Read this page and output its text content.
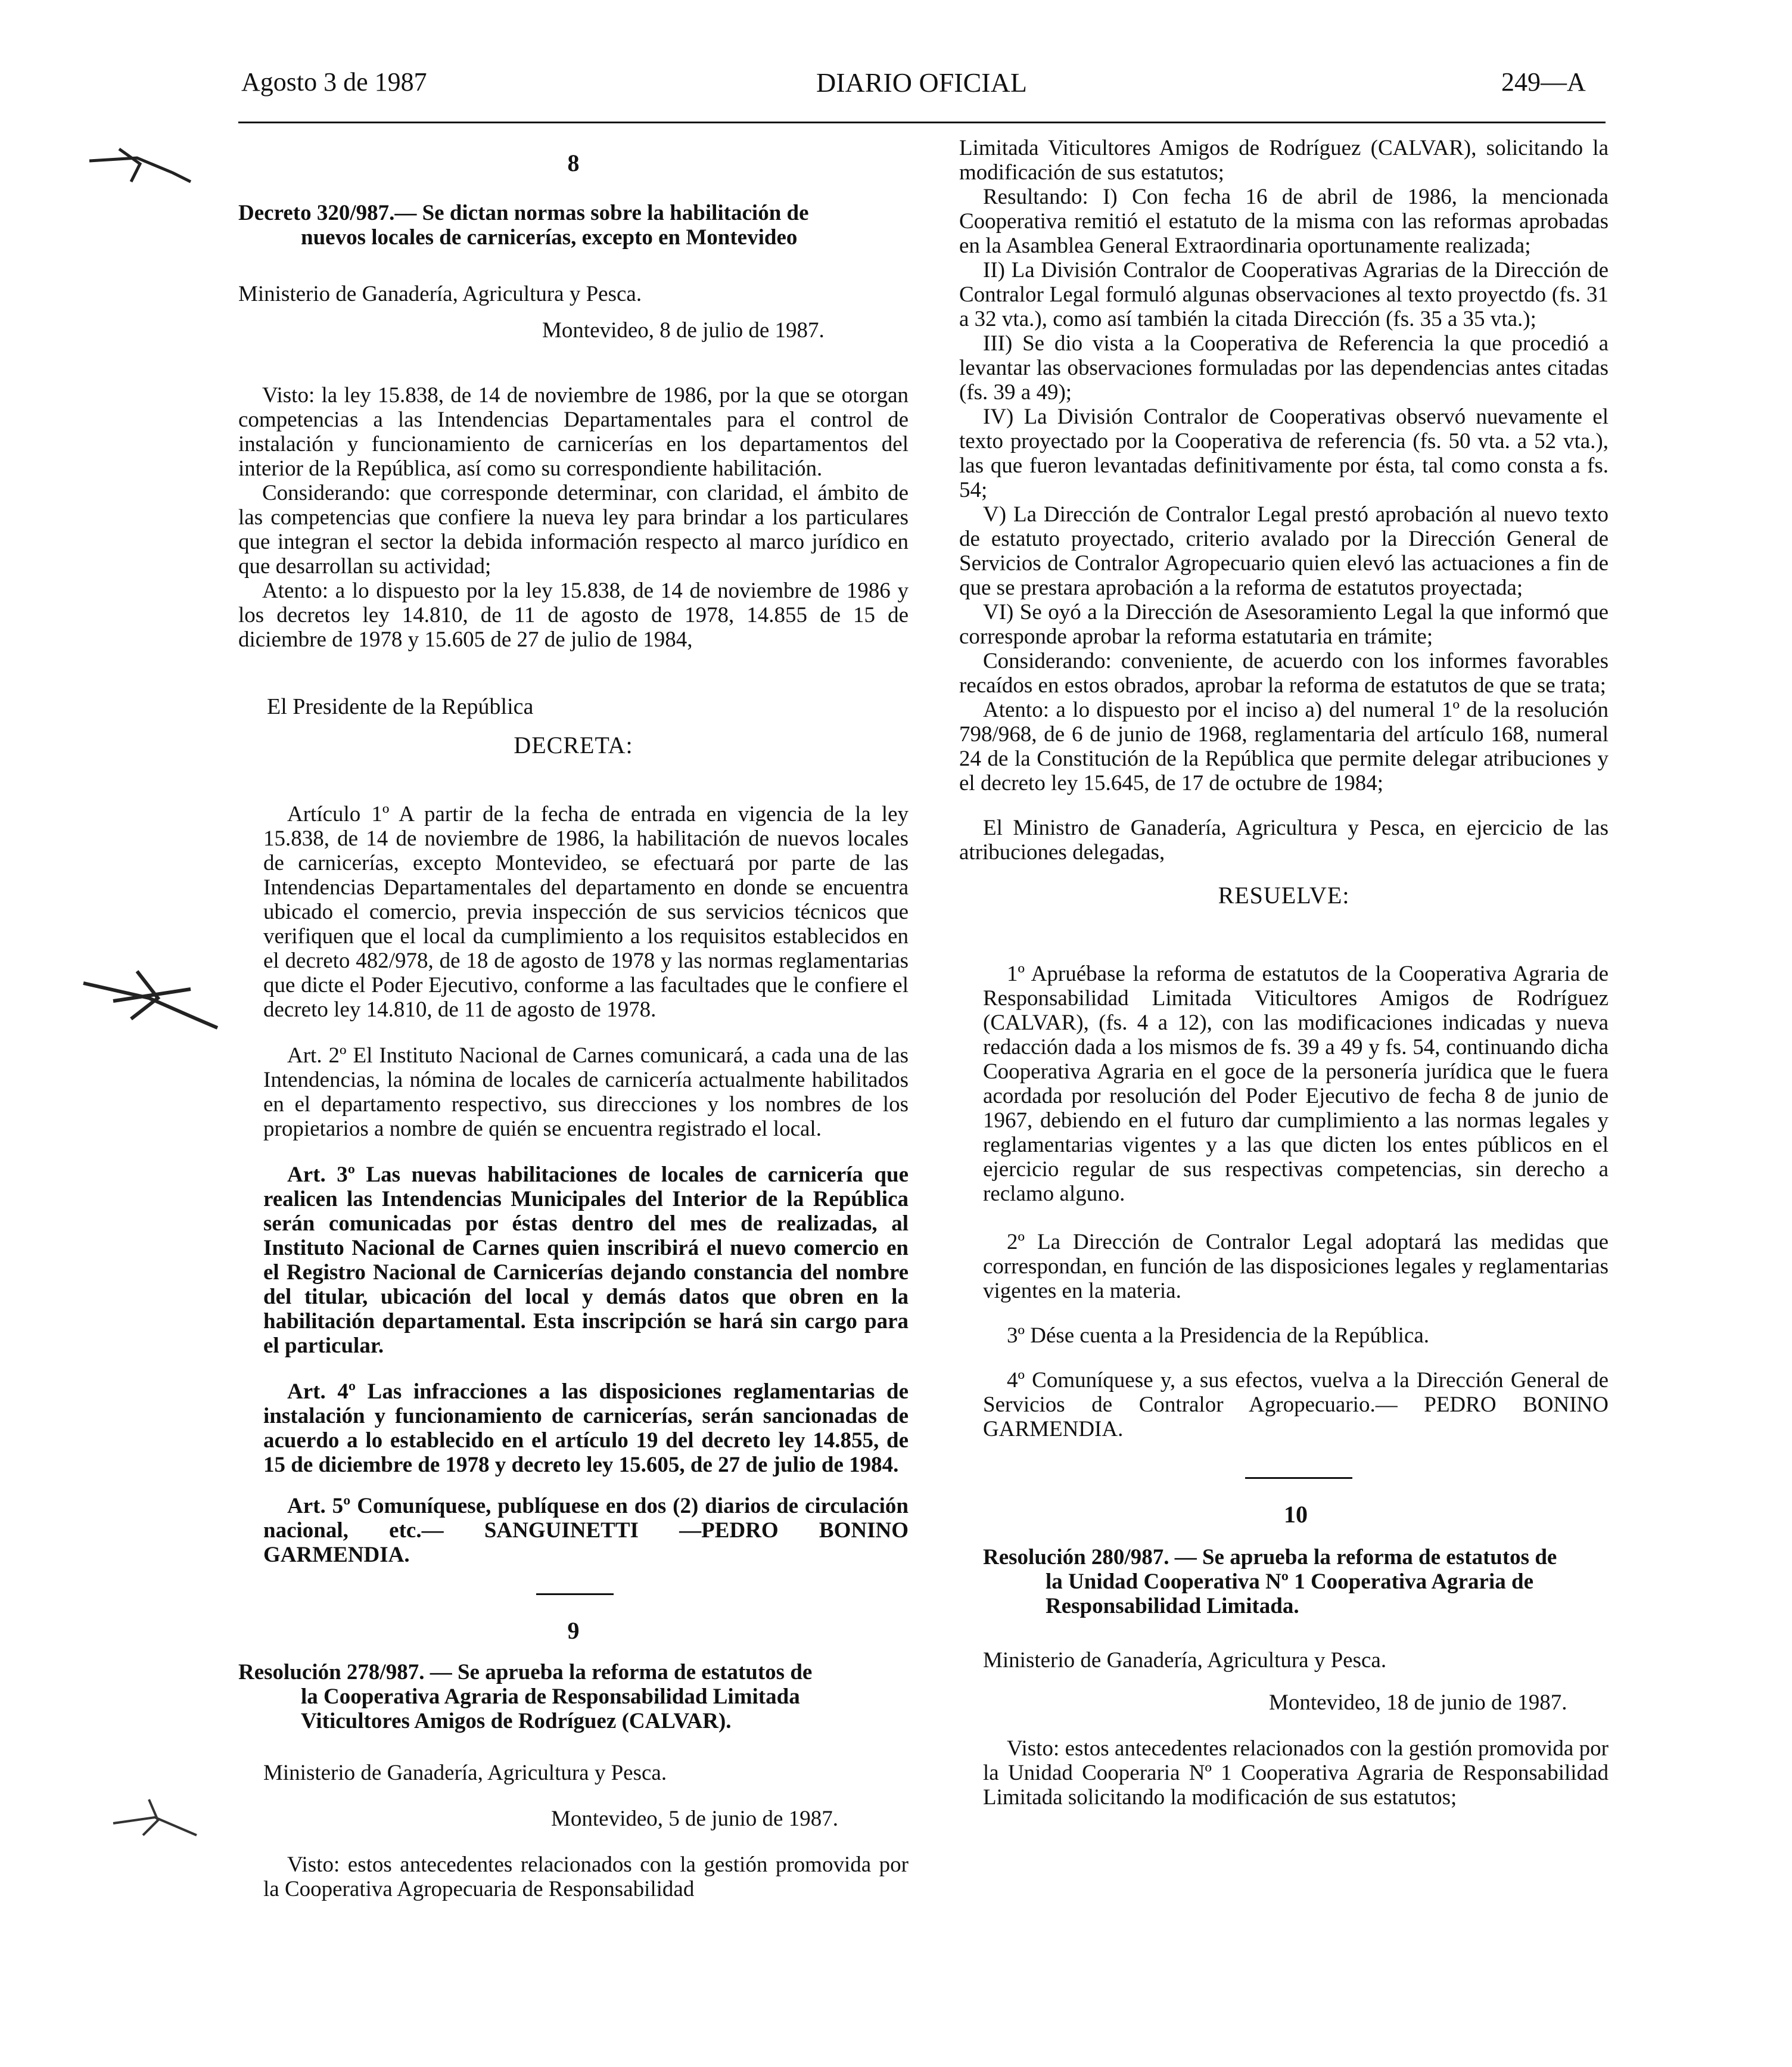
Agosto 3 de 1987	DIARIO OFICIAL	249—A
8

Decreto 320/987.— Se dictan normas sobre la habilitación de

nuevos locales de carnicerías, excepto en Montevideo

Ministerio de Ganadería, Agricultura y Pesca.

Montevideo, 8 de julio de 1987.

Visto: la ley 15.838, de 14 de noviembre de 1986, por la que se otorgan competencias a las Intendencias Departamentales para el control de instalación y funcionamiento de carnicerías en los departamentos del interior de la República, así como su correspondiente habilitación.

Considerando: que corresponde determinar, con claridad, el ámbito de las competencias que confiere la nueva ley para brindar a los particulares que integran el sector la debida información respecto al marco jurídico en que desarrollan su actividad;

Atento: a lo dispuesto por la ley 15.838, de 14 de noviembre de 1986 y los decretos ley 14.810, de 11 de agosto de 1978, 14.855 de 15 de diciembre de 1978 y 15.605 de 27 de julio de 1984,

El Presidente de la República

DECRETA:

Artículo 1º A partir de la fecha de entrada en vigencia de la ley 15.838, de 14 de noviembre de 1986, la habilitación de nuevos locales de carnicerías, excepto Montevideo, se efectuará por parte de las Intendencias Departamentales del departamento en donde se encuentra ubicado el comercio, previa inspección de sus servicios técnicos que verifiquen que el local da cumplimiento a los requisitos establecidos en el decreto 482/978, de 18 de agosto de 1978 y las normas reglamentarias que dicte el Poder Ejecutivo, conforme a las facultades que le confiere el decreto ley 14.810, de 11 de agosto de 1978.

Art. 2º El Instituto Nacional de Carnes comunicará, a cada una de las Intendencias, la nómina de locales de carnicería actualmente habilitados en el departamento respectivo, sus direcciones y los nombres de los propietarios a nombre de quién se encuentra registrado el local.

Art. 3º Las nuevas habilitaciones de locales de carnicería que realicen las Intendencias Municipales del Interior de la República serán comunicadas por éstas dentro del mes de realizadas, al Instituto Nacional de Carnes quien inscribirá el nuevo comercio en el Registro Nacional de Carnicerías dejando constancia del nombre del titular, ubicación del local y demás datos que obren en la habilitación departamental. Esta inscripción se hará sin cargo para el particular.

Art. 4º Las infracciones a las disposiciones reglamentarias de instalación y funcionamiento de carnicerías, serán sancionadas de acuerdo a lo establecido en el artículo 19 del decreto ley 14.855, de 15 de diciembre de 1978 y decreto ley 15.605, de 27 de julio de 1984.

Art. 5º Comuníquese, publíquese en dos (2) diarios de circulación nacional, etc.— SANGUINETTI —PEDRO BONINO GARMENDIA.

9

Resolución 278/987. — Se aprueba la reforma de estatutos de

la Cooperativa Agraria de Responsabilidad Limitada

Viticultores Amigos de Rodríguez (CALVAR).

Ministerio de Ganadería, Agricultura y Pesca.

Montevideo, 5 de junio de 1987.

Visto: estos antecedentes relacionados con la gestión promovida por la Cooperativa Agropecuaria de Responsabilidad

Limitada Viticultores Amigos de Rodríguez (CALVAR), solicitando la modificación de sus estatutos;

Resultando: I) Con fecha 16 de abril de 1986, la mencionada Cooperativa remitió el estatuto de la misma con las reformas aprobadas en la Asamblea General Extraordinaria oportunamente realizada;

II) La División Contralor de Cooperativas Agrarias de la Dirección de Contralor Legal formuló algunas observaciones al texto proyectdo (fs. 31 a 32 vta.), como así también la citada Dirección (fs. 35 a 35 vta.);

III) Se dio vista a la Cooperativa de Referencia la que procedió a levantar las observaciones formuladas por las dependencias antes citadas (fs. 39 a 49);

IV) La División Contralor de Cooperativas observó nuevamente el texto proyectado por la Cooperativa de referencia (fs. 50 vta. a 52 vta.), las que fueron levantadas definitivamente por ésta, tal como consta a fs. 54;

V) La Dirección de Contralor Legal prestó aprobación al nuevo texto de estatuto proyectado, criterio avalado por la Dirección General de Servicios de Contralor Agropecuario quien elevó las actuaciones a fin de que se prestara aprobación a la reforma de estatutos proyectada;

VI) Se oyó a la Dirección de Asesoramiento Legal la que informó que corresponde aprobar la reforma estatutaria en trámite;

Considerando: conveniente, de acuerdo con los informes favorables recaídos en estos obrados, aprobar la reforma de estatutos de que se trata;

Atento: a lo dispuesto por el inciso a) del numeral 1º de la resolución 798/968, de 6 de junio de 1968, reglamentaria del artículo 168, numeral 24 de la Constitución de la República que permite delegar atribuciones y el decreto ley 15.645, de 17 de octubre de 1984;

El Ministro de Ganadería, Agricultura y Pesca, en ejercicio de las atribuciones delegadas,

RESUELVE:

1º Apruébase la reforma de estatutos de la Cooperativa Agraria de Responsabilidad Limitada Viticultores Amigos de Rodríguez (CALVAR), (fs. 4 a 12), con las modificaciones indicadas y nueva redacción dada a los mismos de fs. 39 a 49 y fs. 54, continuando dicha Cooperativa Agraria en el goce de la personería jurídica que le fuera acordada por resolución del Poder Ejecutivo de fecha 8 de junio de 1967, debiendo en el futuro dar cumplimiento a las normas legales y reglamentarias vigentes y a las que dicten los entes públicos en el ejercicio regular de sus respectivas competencias, sin derecho a reclamo alguno.

2º La Dirección de Contralor Legal adoptará las medidas que correspondan, en función de las disposiciones legales y reglamentarias vigentes en la materia.

3º Dése cuenta a la Presidencia de la República.

4º Comuníquese y, a sus efectos, vuelva a la Dirección General de Servicios de Contralor Agropecuario.— PEDRO BONINO GARMENDIA.

10

Resolución 280/987. — Se aprueba la reforma de estatutos de

la Unidad Cooperativa Nº 1 Cooperativa Agraria de

Responsabilidad Limitada.

Ministerio de Ganadería, Agricultura y Pesca.

Montevideo, 18 de junio de 1987.

Visto: estos antecedentes relacionados con la gestión promovida por la Unidad Cooperaria Nº 1 Cooperativa Agraria de Responsabilidad Limitada solicitando la modificación de sus estatutos;
